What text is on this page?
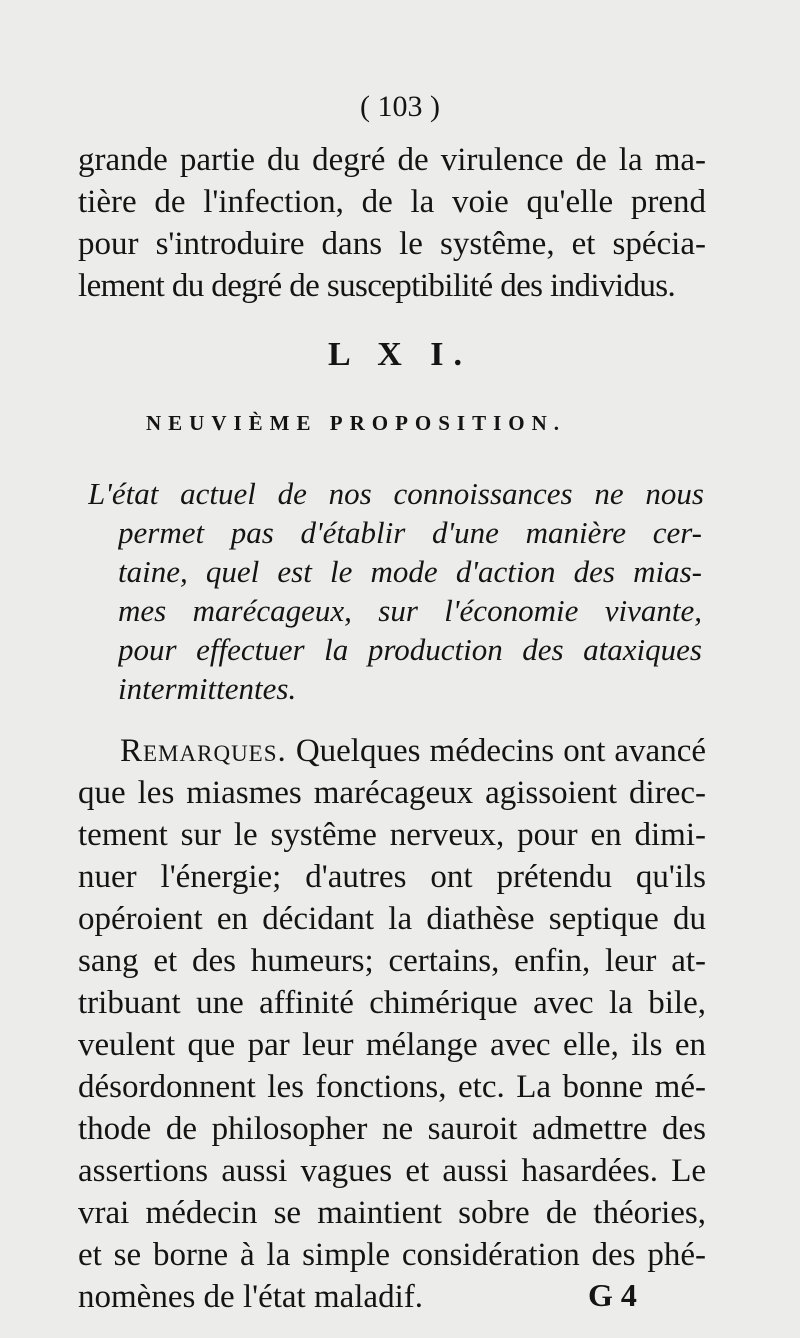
( 103 )
grande partie du degré de virulence de la ma-
tière de l'infection, de la voie qu'elle prend
pour s'introduire dans le systême, et spécia-
lement du degré de susceptibilité des individus.
L X I.
NEUVIÈME PROPOSITION.
L'état actuel de nos connoissances ne nous
permet pas d'établir d'une manière cer-
taine, quel est le mode d'action des mias-
mes marécageux, sur l'économie vivante,
pour effectuer la production des ataxiques
intermittentes.
Remarques. Quelques médecins ont avancé
que les miasmes marécageux agissoient direc-
tement sur le systême nerveux, pour en dimi-
nuer l'énergie; d'autres ont prétendu qu'ils
opéroient en décidant la diathèse septique du
sang et des humeurs; certains, enfin, leur at-
tribuant une affinité chimérique avec la bile,
veulent que par leur mélange avec elle, ils en
désordonnent les fonctions, etc. La bonne mé-
thode de philosopher ne sauroit admettre des
assertions aussi vagues et aussi hasardées. Le
vrai médecin se maintient sobre de théories,
et se borne à la simple considération des phé-
nomènes de l'état maladif.	G 4
